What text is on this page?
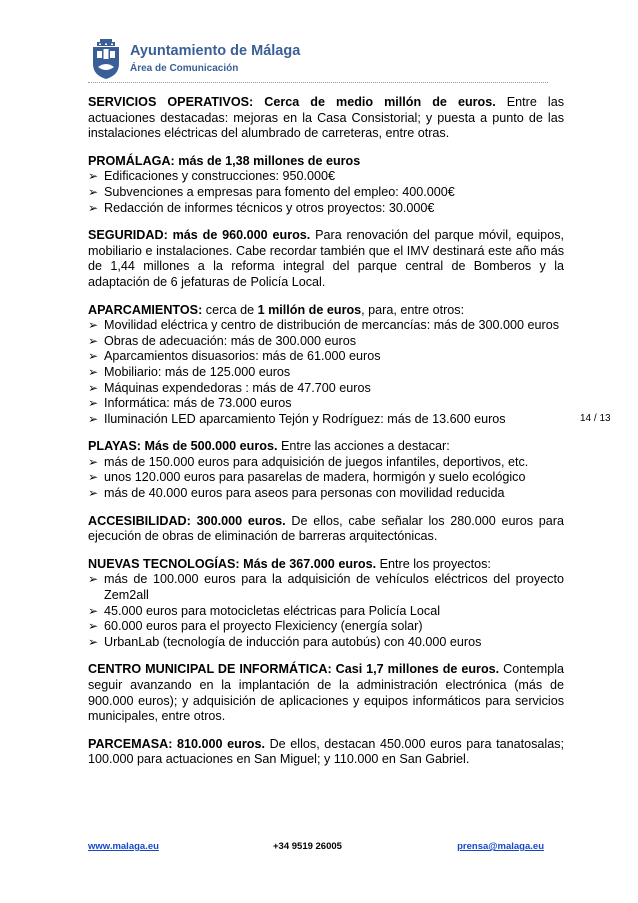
Ayuntamiento de Málaga
Área de Comunicación
14 / 13

SERVICIOS OPERATIVOS: Cerca de medio millón de euros. Entre las actuaciones destacadas: mejoras en la Casa Consistorial; y puesta a punto de las instalaciones eléctricas del alumbrado de carreteras, entre otras.

PROMÁLAGA: más de 1,38 millones de euros

➢ Edificaciones y construcciones: 950.000€
➢ Subvenciones a empresas para fomento del empleo: 400.000€
➢ Redacción de informes técnicos y otros proyectos: 30.000€

SEGURIDAD: más de 960.000 euros. Para renovación del parque móvil, equipos, mobiliario e instalaciones. Cabe recordar también que el IMV destinará este año más de 1,44 millones a la reforma integral del parque central de Bomberos y la adaptación de 6 jefaturas de Policía Local.

APARCAMIENTOS: cerca de 1 millón de euros, para, entre otros:

➢ Movilidad eléctrica y centro de distribución de mercancías: más de 300.000 euros
➢ Obras de adecuación: más de 300.000 euros
➢ Aparcamientos disuasorios: más de 61.000 euros
➢ Mobiliario: más de 125.000 euros
➢ Máquinas expendedoras : más de 47.700 euros
➢ Informática: más de 73.000 euros
➢ Iluminación LED aparcamiento Tejón y Rodríguez: más de 13.600 euros

PLAYAS: Más de 500.000 euros. Entre las acciones a destacar:

➢ más de 150.000 euros para adquisición de juegos infantiles, deportivos, etc.
➢ unos 120.000 euros para pasarelas de madera, hormigón y suelo ecológico
➢ más de 40.000 euros para aseos para personas con movilidad reducida

ACCESIBILIDAD: 300.000 euros. De ellos, cabe señalar los 280.000 euros para ejecución de obras de eliminación de barreras arquitectónicas.

NUEVAS TECNOLOGÍAS: Más de 367.000 euros. Entre los proyectos:

➢ más de 100.000 euros para la adquisición de vehículos eléctricos del proyecto Zem2all
➢ 45.000 euros para motocicletas eléctricas para Policía Local
➢ 60.000 euros para el proyecto Flexiciency (energía solar)
➢ UrbanLab (tecnología de inducción para autobús) con 40.000 euros

CENTRO MUNICIPAL DE INFORMÁTICA: Casi 1,7 millones de euros. Contempla seguir avanzando en la implantación de la administración electrónica (más de 900.000 euros); y adquisición de aplicaciones y equipos informáticos para servicios municipales, entre otros.

PARCEMASA: 810.000 euros. De ellos, destacan 450.000 euros para tanatosalas; 100.000 para actuaciones en San Miguel; y 110.000 en San Gabriel.

www.malaga.eu	+34 9519 26005	prensa@malaga.eu
